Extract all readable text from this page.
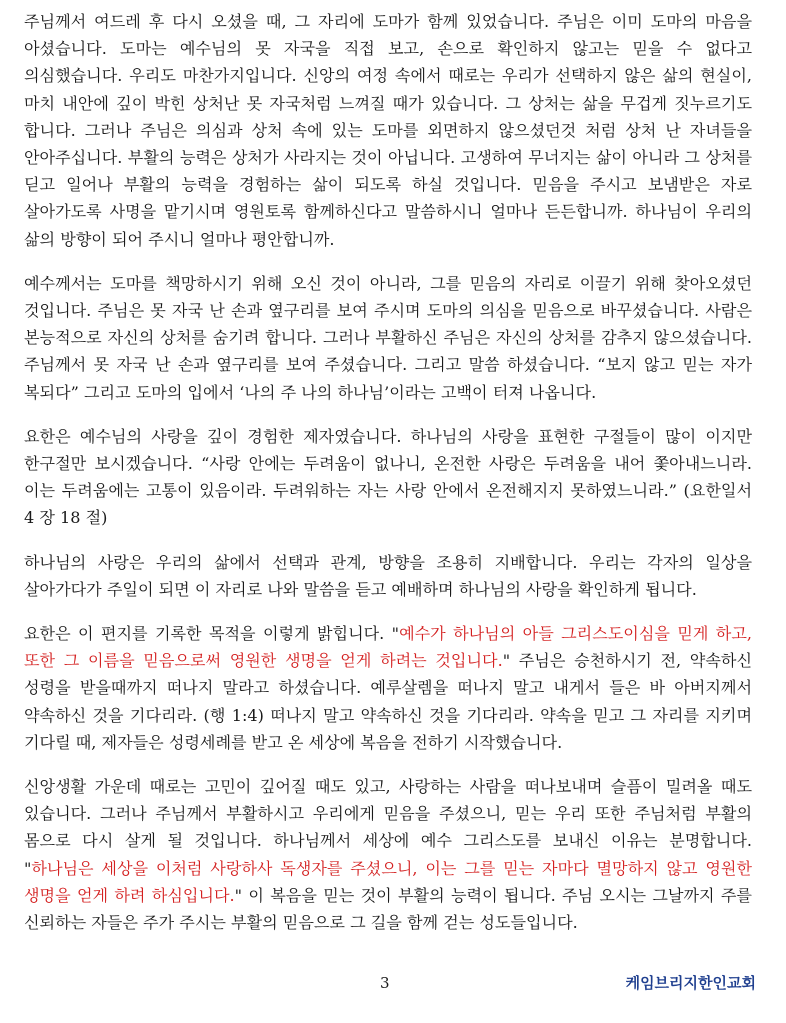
주님께서 여드레 후 다시 오셨을 때, 그 자리에 도마가 함께 있었습니다. 주님은 이미 도마의 마음을 아셨습니다. 도마는 예수님의 못 자국을 직접 보고, 손으로 확인하지 않고는 믿을 수 없다고 의심했습니다. 우리도 마찬가지입니다. 신앙의 여정 속에서 때로는 우리가 선택하지 않은 삶의 현실이, 마치 내안에 깊이 박힌 상처난 못 자국처럼 느껴질 때가 있습니다. 그 상처는 삶을 무겁게 짓누르기도 합니다. 그러나 주님은 의심과 상처 속에 있는 도마를 외면하지 않으셨던것 처럼 상처 난 자녀들을 안아주십니다. 부활의 능력은 상처가 사라지는 것이 아닙니다. 고생하여 무너지는 삶이 아니라 그 상처를 딛고 일어나 부활의 능력을 경험하는 삶이 되도록 하실 것입니다. 믿음을 주시고 보냄받은 자로 살아가도록 사명을 맡기시며 영원토록 함께하신다고 말씀하시니 얼마나 든든합니까. 하나님이 우리의 삶의 방향이 되어 주시니 얼마나 평안합니까.

예수께서는 도마를 책망하시기 위해 오신 것이 아니라, 그를 믿음의 자리로 이끌기 위해 찾아오셨던 것입니다. 주님은 못 자국 난 손과 옆구리를 보여 주시며 도마의 의심을 믿음으로 바꾸셨습니다. 사람은 본능적으로 자신의 상처를 숨기려 합니다. 그러나 부활하신 주님은 자신의 상처를 감추지 않으셨습니다. 주님께서 못 자국 난 손과 옆구리를 보여 주셨습니다. 그리고 말씀 하셨습니다. “보지 않고 믿는 자가 복되다” 그리고 도마의 입에서 ‘나의 주 나의 하나님’이라는 고백이 터져 나옵니다.

요한은 예수님의 사랑을 깊이 경험한 제자였습니다. 하나님의 사랑을 표현한 구절들이 많이 이지만 한구절만 보시겠습니다. “사랑 안에는 두려움이 없나니, 온전한 사랑은 두려움을 내어 쫓아내느니라. 이는 두려움에는 고통이 있음이라. 두려워하는 자는 사랑 안에서 온전해지지 못하였느니라.” (요한일서 4 장 18 절)

하나님의 사랑은 우리의 삶에서 선택과 관계, 방향을 조용히 지배합니다. 우리는 각자의 일상을 살아가다가 주일이 되면 이 자리로 나와 말씀을 듣고 예배하며 하나님의 사랑을 확인하게 됩니다.

요한은 이 편지를 기록한 목적을 이렇게 밝힙니다. "예수가 하나님의 아들 그리스도이심을 믿게 하고, 또한 그 이름을 믿음으로써 영원한 생명을 얻게 하려는 것입니다." 주님은 승천하시기 전, 약속하신 성령을 받을때까지 떠나지 말라고 하셨습니다. 예루살렘을 떠나지 말고 내게서 들은 바 아버지께서 약속하신 것을 기다리라. (행 1:4) 떠나지 말고 약속하신 것을 기다리라. 약속을 믿고 그 자리를 지키며 기다릴 때, 제자들은 성령세례를 받고 온 세상에 복음을 전하기 시작했습니다.

신앙생활 가운데 때로는 고민이 깊어질 때도 있고, 사랑하는 사람을 떠나보내며 슬픔이 밀려올 때도 있습니다. 그러나 주님께서 부활하시고 우리에게 믿음을 주셨으니, 믿는 우리 또한 주님처럼 부활의 몸으로 다시 살게 될 것입니다. 하나님께서 세상에 예수 그리스도를 보내신 이유는 분명합니다. "하나님은 세상을 이처럼 사랑하사 독생자를 주셨으니, 이는 그를 믿는 자마다 멸망하지 않고 영원한 생명을 얻게 하려 하심입니다." 이 복음을 믿는 것이 부활의 능력이 됩니다. 주님 오시는 그날까지 주를 신뢰하는 자들은 주가 주시는 부활의 믿음으로 그 길을 함께 걷는 성도들입니다.

3	케임브리지한인교회
